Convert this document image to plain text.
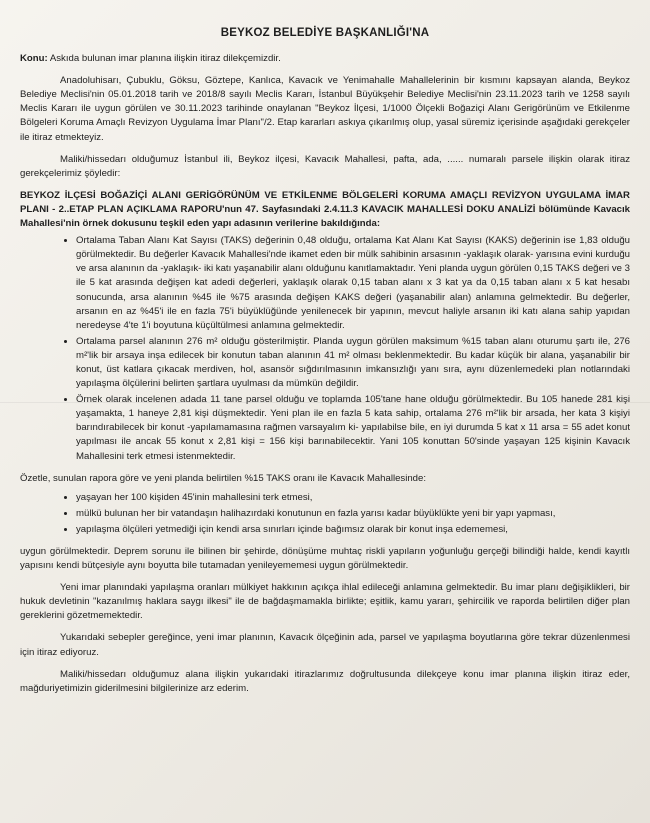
BEYKOZ BELEDİYE BAŞKANLIĞI'NA

Konu: Askıda bulunan imar planına ilişkin itiraz dilekçemizdir.

Anadoluhisarı, Çubuklu, Göksu, Göztepe, Kanlıca, Kavacık ve Yenimahalle Mahallelerinin bir kısmını kapsayan alanda, Beykoz Belediye Meclisi'nin 05.01.2018 tarih ve 2018/8 sayılı Meclis Kararı, İstanbul Büyükşehir Belediye Meclisi'nin 23.11.2023 tarih ve 1258 sayılı Meclis Kararı ile uygun görülen ve 30.11.2023 tarihinde onaylanan "Beykoz İlçesi, 1/1000 Ölçekli Boğaziçi Alanı Gerigörünüm ve Etkilenme Bölgeleri Koruma Amaçlı Revizyon Uygulama İmar Planı"/2. Etap kararları askıya çıkarılmış olup, yasal süremiz içerisinde aşağıdaki gerekçeler ile itiraz etmekteyiz.

Maliki/hissedarı olduğumuz İstanbul ili, Beykoz ilçesi, Kavacık Mahallesi, pafta, ada, ...... numaralı parsele ilişkin olarak itiraz gerekçelerimiz şöyledir:

BEYKOZ İLÇESİ BOĞAZİÇİ ALANI GERİGÖRÜNÜM VE ETKİLENME BÖLGELERİ KORUMA AMAÇLI REVİZYON UYGULAMA İMAR PLANI - 2..ETAP PLAN AÇIKLAMA RAPORU'nun 47. Sayfasındaki 2.4.11.3 KAVACIK MAHALLESİ DOKU ANALİZİ bölümünde Kavacık Mahallesi'nin örnek dokusunu teşkil eden yapı adasının verilerine bakıldığında:

• Ortalama Taban Alanı Kat Sayısı (TAKS) değerinin 0,48 olduğu, ortalama Kat Alanı Kat Sayısı (KAKS) değerinin ise 1,83 olduğu görülmektedir. Bu değerler Kavacık Mahallesi'nde ikamet eden bir mülk sahibinin arsasının -yaklaşık olarak- yarısına evini kurduğu ve arsa alanının da -yaklaşık- iki katı yaşanabilir alanı olduğunu kanıtlamaktadır. Yeni planda uygun görülen 0,15 TAKS değeri ve 3 ile 5 kat arasında değişen kat adedi değerleri, yaklaşık olarak 0,15 taban alanı x 3 kat ya da 0,15 taban alanı x 5 kat hesabı sonucunda, arsa alanının %45 ile %75 arasında değişen KAKS değeri (yaşanabilir alan) anlamına gelmektedir. Bu değerler, arsanın en az %45'i ile en fazla 75'i büyüklüğünde yenilenecek bir yapının, mevcut haliyle arsanın iki katı alana sahip yapıdan neredeyse 4'te 1'i boyutuna küçültülmesi anlamına gelmektedir.
• Ortalama parsel alanının 276 m² olduğu gösterilmiştir. Planda uygun görülen maksimum %15 taban alanı oturumu şartı ile, 276 m²'lik bir arsaya inşa edilecek bir konutun taban alanının 41 m² olması beklenmektedir. Bu kadar küçük bir alana, yaşanabilir bir konut, üst katlara çıkacak merdiven, hol, asansör sığdırılmasının imkansızlığı yanı sıra, aynı düzenlemedeki plan notlarındaki yapılaşma ölçülerini belirten şartlara uyulması da mümkün değildir.
• Örnek olarak incelenen adada 11 tane parsel olduğu ve toplamda 105'tane hane olduğu görülmektedir. Bu 105 hanede 281 kişi yaşamakta, 1 haneye 2,81 kişi düşmektedir. Yeni plan ile en fazla 5 kata sahip, ortalama 276 m²'lik bir arsada, her kata 3 kişiyi barındırabilecek bir konut -yapılamamasına rağmen varsayalım ki- yapılabilse bile, en iyi durumda 5 kat x 11 arsa = 55 adet konut yapılması ile ancak 55 konut x 2,81 kişi = 156 kişi barınabilecektir. Yani 105 konuttan 50'sinde yaşayan 125 kişinin Kavacık Mahallesini terk etmesi istenmektedir.

Özetle, sunulan rapora göre ve yeni planda belirtilen %15 TAKS oranı ile Kavacık Mahallesinde:

• yaşayan her 100 kişiden 45'inin mahallesini terk etmesi,
• mülkü bulunan her bir vatandaşın halihazırdaki konutunun en fazla yarısı kadar büyüklükte yeni bir yapı yapması,
• yapılaşma ölçüleri yetmediği için kendi arsa sınırları içinde bağımsız olarak bir konut inşa edememesi,

uygun görülmektedir. Deprem sorunu ile bilinen bir şehirde, dönüşüme muhtaç riskli yapıların yoğunluğu gerçeği bilindiği halde, kendi kayıtlı yapısını kendi bütçesiyle aynı boyutta bile tutamadan yenileyememesi uygun görülmektedir.

Yeni imar planındaki yapılaşma oranları mülkiyet hakkının açıkça ihlal edileceği anlamına gelmektedir. Bu imar planı değişiklikleri, bir hukuk devletinin "kazanılmış haklara saygı ilkesi" ile de bağdaşmamakla birlikte; eşitlik, kamu yararı, şehircilik ve raporda belirtilen diğer plan gereklerini gözetmemektedir.

Yukarıdaki sebepler gereğince, yeni imar planının, Kavacık ölçeğinin ada, parsel ve yapılaşma boyutlarına göre tekrar düzenlenmesi için itiraz ediyoruz.

Maliki/hissedarı olduğumuz alana ilişkin yukarıdaki itirazlarımız doğrultusunda dilekçeye konu imar planına ilişkin itiraz eder, mağduriyetimizin giderilmesini bilgilerinize arz ederim.
